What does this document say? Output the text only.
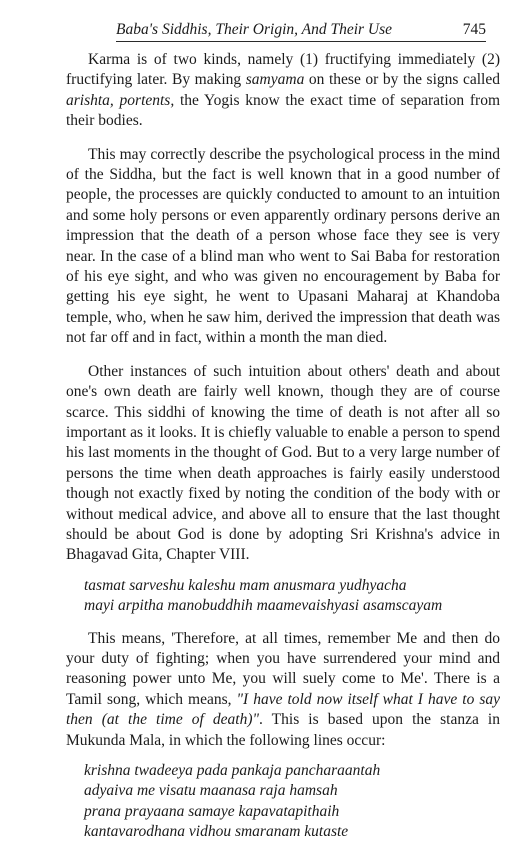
Baba's Siddhis, Their Origin, And Their Use	745

Karma is of two kinds, namely (1) fructifying immediately (2) fructifying later. By making samyama on these or by the signs called arishta, portents, the Yogis know the exact time of separation from their bodies.

This may correctly describe the psychological process in the mind of the Siddha, but the fact is well known that in a good number of people, the processes are quickly conducted to amount to an intuition and some holy persons or even apparently ordinary persons derive an impression that the death of a person whose face they see is very near. In the case of a blind man who went to Sai Baba for restoration of his eye sight, and who was given no encouragement by Baba for getting his eye sight, he went to Upasani Maharaj at Khandoba temple, who, when he saw him, derived the impression that death was not far off and in fact, within a month the man died.

Other instances of such intuition about others' death and about one's own death are fairly well known, though they are of course scarce. This siddhi of knowing the time of death is not after all so important as it looks. It is chiefly valuable to enable a person to spend his last moments in the thought of God. But to a very large number of persons the time when death approaches is fairly easily understood though not exactly fixed by noting the condition of the body with or without medical advice, and above all to ensure that the last thought should be about God is done by adopting Sri Krishna's advice in Bhagavad Gita, Chapter VIII.

tasmat sarveshu kaleshu mam anusmara yudhyacha
mayi arpitha manobuddhih maamevaishyasi asamscayam

This means, 'Therefore, at all times, remember Me and then do your duty of fighting; when you have surrendered your mind and reasoning power unto Me, you will suely come to Me'. There is a Tamil song, which means, "I have told now itself what I have to say then (at the time of death)". This is based upon the stanza in Mukunda Mala, in which the following lines occur:

krishna twadeeya pada pankaja pancharaantah
adyaiva me visatu maanasa raja hamsah
prana prayaana samaye kapavatapithaih
kantavarodhana vidhou smaranam kutaste
